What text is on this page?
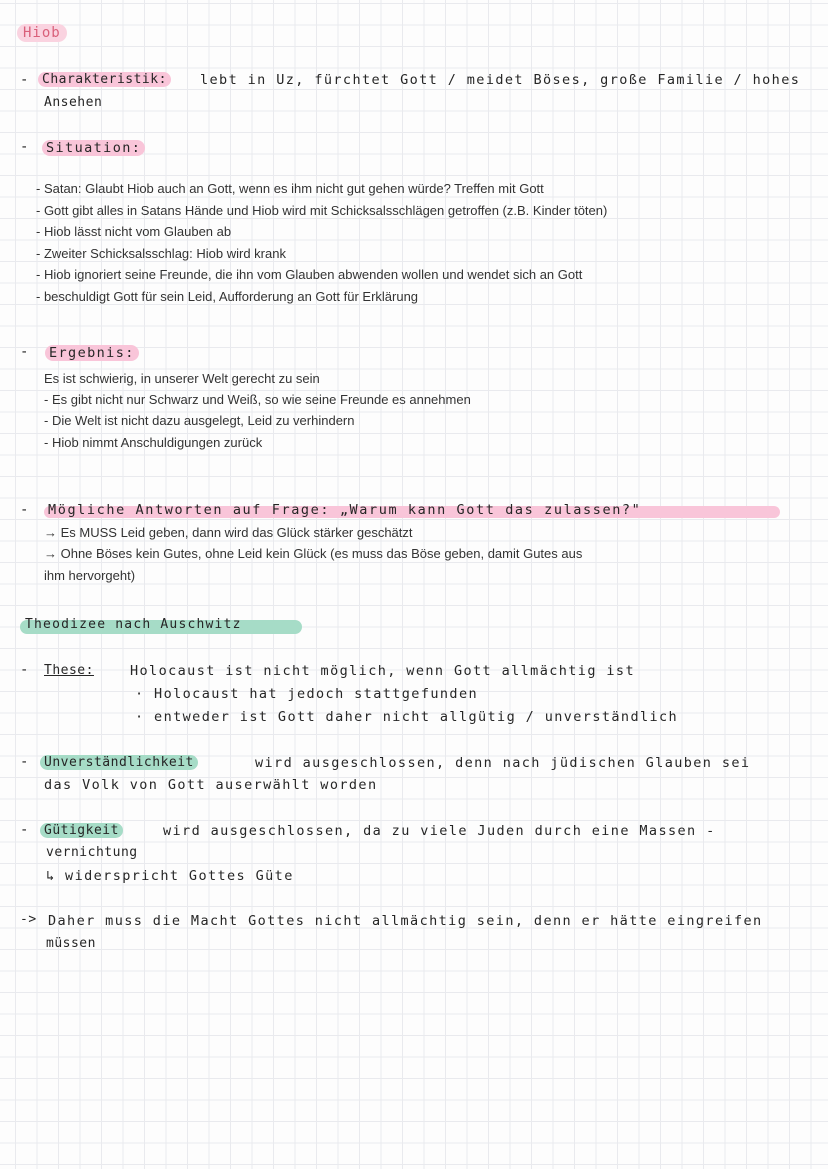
Hiob
-	Charakteristik: lebt in Uz, fürchtet Gott / meidet Böses, große Familie / hohes
Ansehen
- Situation:
- Satan: Glaubt Hiob auch an Gott, wenn es ihm nicht gut gehen würde? Treffen mit Gott
- Gott gibt alles in Satans Hände und Hiob wird mit Schicksalsschlägen getroffen (z.B. Kinder töten)
- Hiob lässt nicht vom Glauben ab
- Zweiter Schicksalsschlag: Hiob wird krank
- Hiob ignoriert seine Freunde, die ihn vom Glauben abwenden wollen und wendet sich an Gott
- beschuldigt Gott für sein Leid, Aufforderung an Gott für Erklärung
- Ergebnis:
Es ist schwierig, in unserer Welt gerecht zu sein
- Es gibt nicht nur Schwarz und Weiß, so wie seine Freunde es annehmen
- Die Welt ist nicht dazu ausgelegt, Leid zu verhindern
- Hiob nimmt Anschuldigungen zurück
- Mögliche Antworten auf Frage: „Warum kann Gott das zulassen?"
→ Es MUSS Leid geben, dann wird das Glück stärker geschätzt
→ Ohne Böses kein Gutes, ohne Leid kein Glück (es muss das Böse geben, damit Gutes aus
ihm hervorgeht)
Theodizee nach Auschwitz
- These:	Holocaust ist nicht möglich, wenn Gott allmächtig ist
· Holocaust hat jedoch stattgefunden
· entweder ist Gott daher nicht allgütig / unverständlich
-	Unverständlichkeit	wird ausgeschlossen, denn nach jüdischen Glauben sei
das Volk von Gott auserwählt worden
-	Gütigkeit	wird ausgeschlossen, da zu viele Juden durch eine Massen -
vernichtung
↳ widerspricht Gottes Güte
-> Daher muss die Macht Gottes nicht allmächtig sein, denn er hätte eingreifen
müssen
